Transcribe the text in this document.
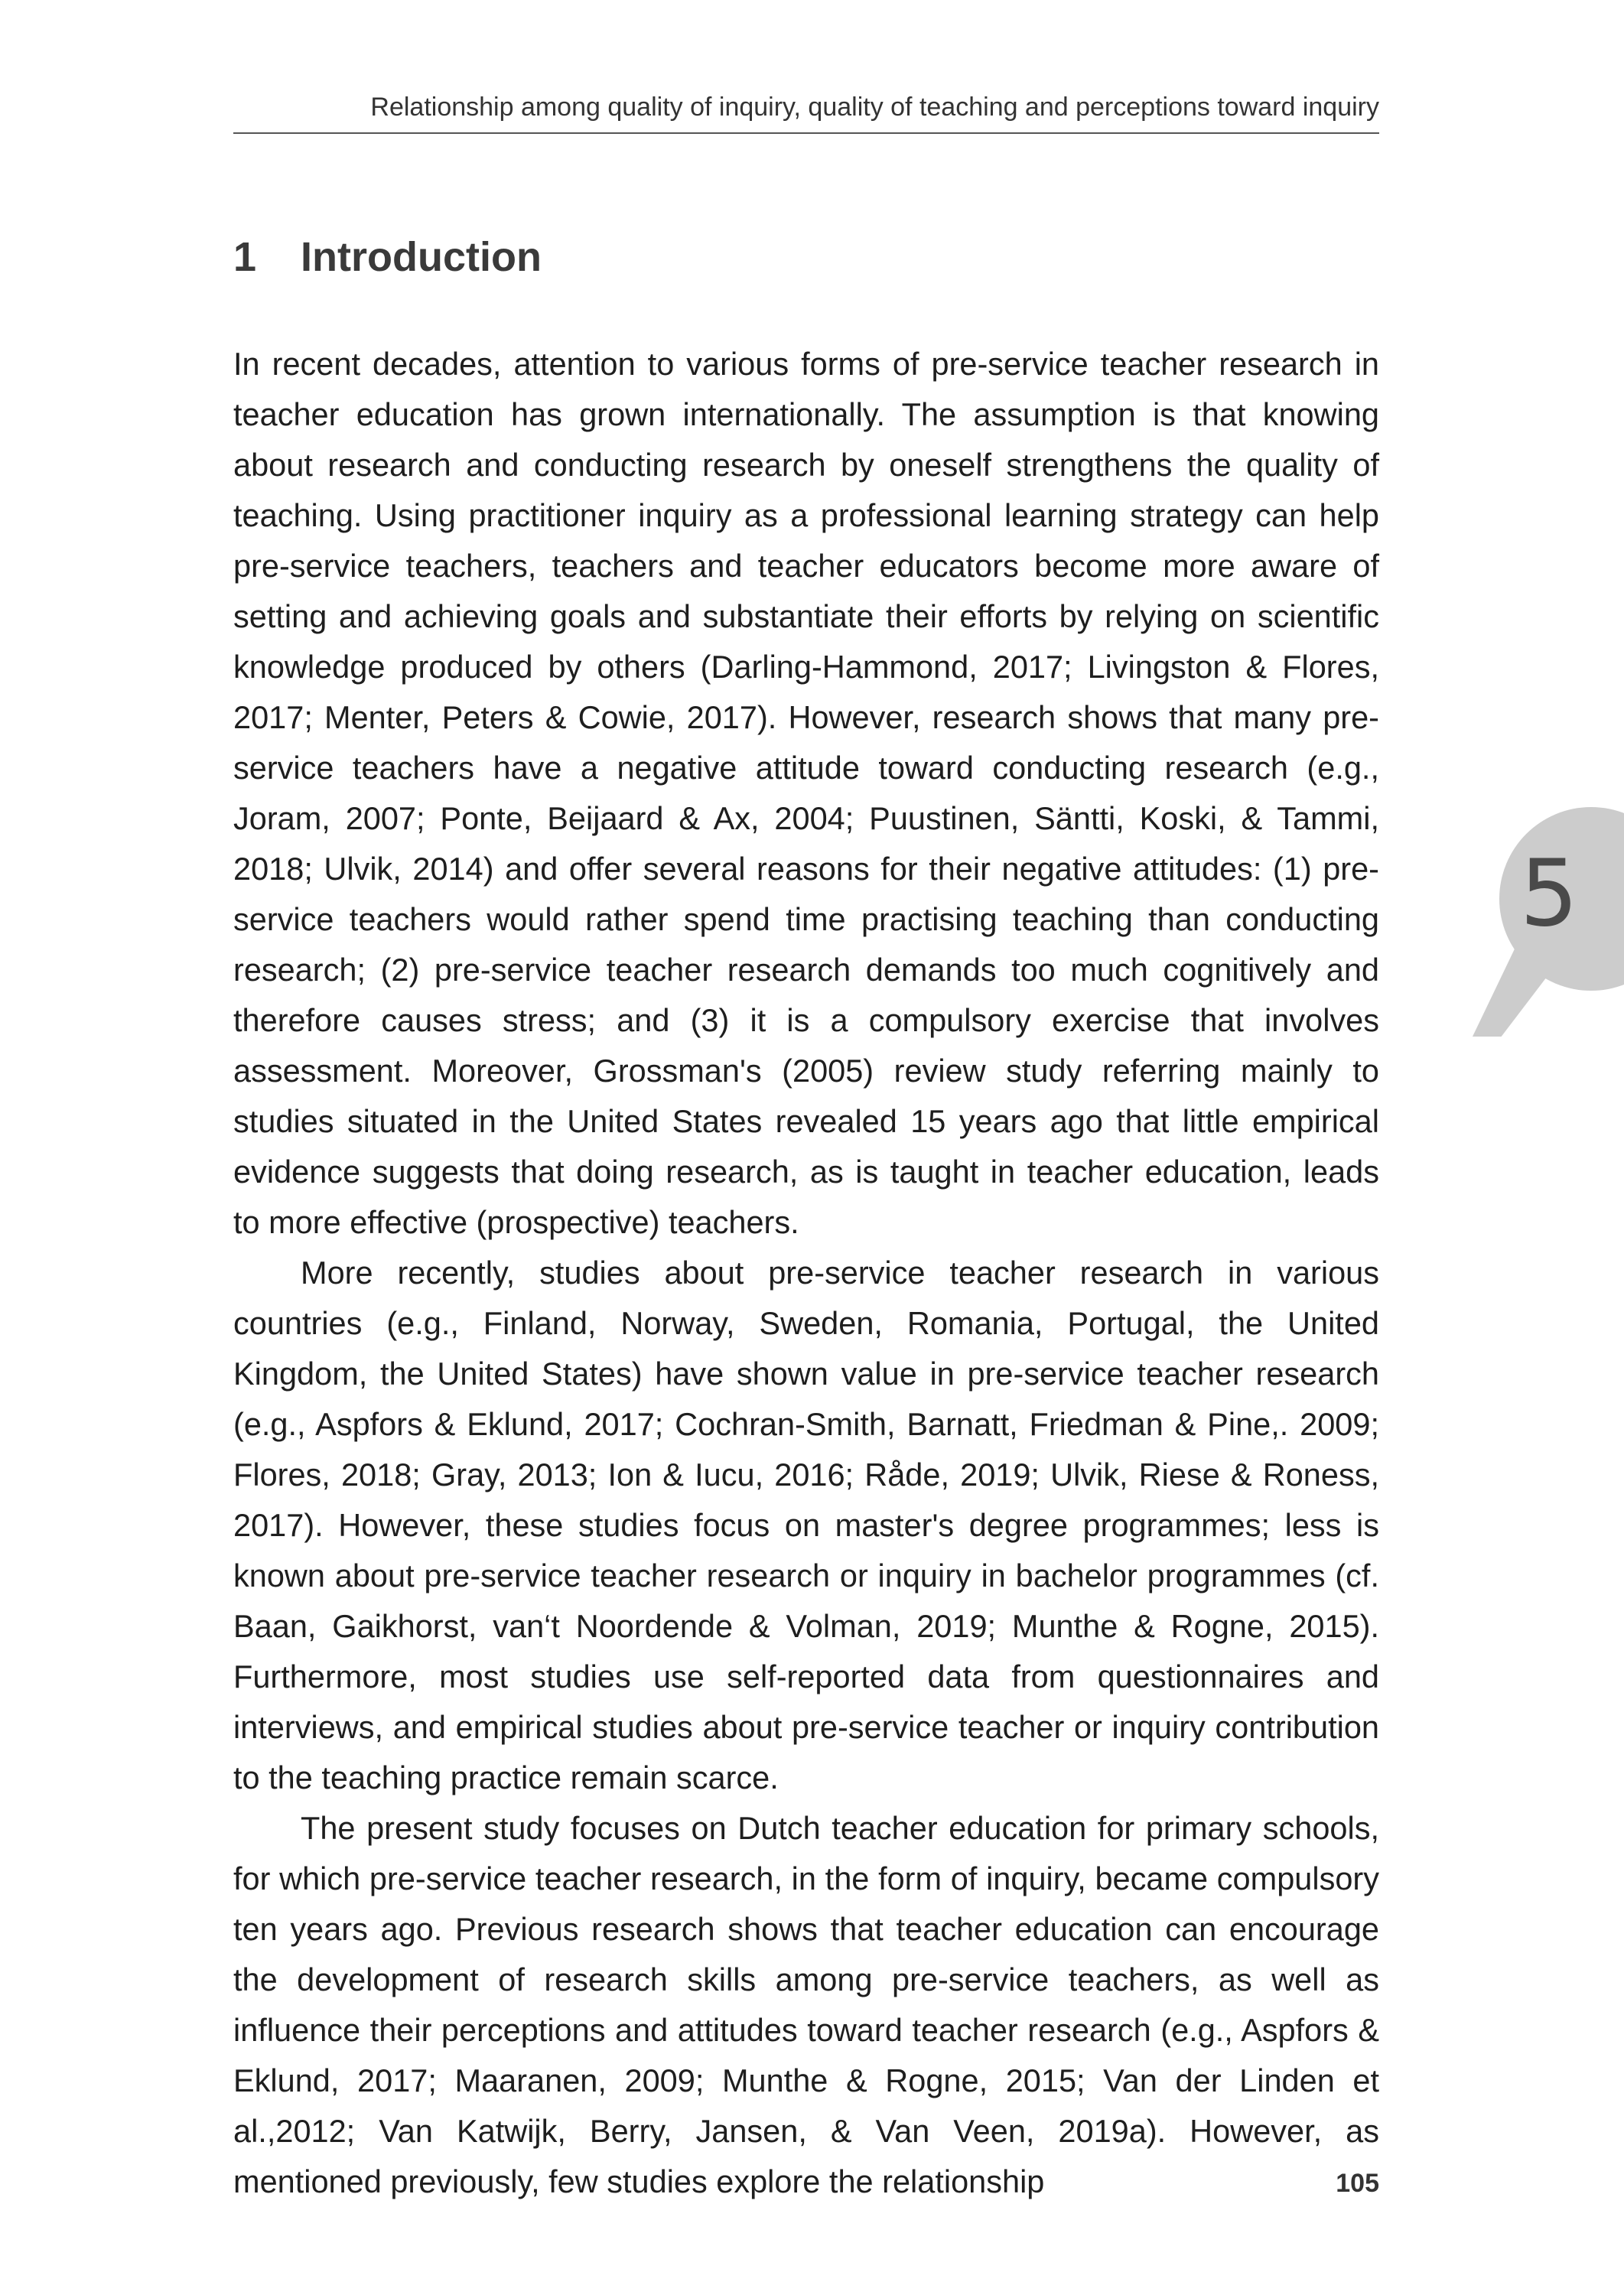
Relationship among quality of inquiry, quality of teaching and perceptions toward inquiry
1 Introduction

In recent decades, attention to various forms of pre-service teacher research in teacher education has grown internationally. The assumption is that knowing about research and conducting research by oneself strengthens the quality of teaching. Using practitioner inquiry as a professional learning strategy can help pre-service teachers, teachers and teacher educators become more aware of setting and achieving goals and substantiate their efforts by relying on scientific knowledge produced by others (Darling-Hammond, 2017; Livingston & Flores, 2017; Menter, Peters & Cowie, 2017). However, research shows that many pre-service teachers have a negative attitude toward conducting research (e.g., Joram, 2007; Ponte, Beijaard & Ax, 2004; Puustinen, Säntti, Koski, & Tammi, 2018; Ulvik, 2014) and offer several reasons for their negative attitudes: (1) pre-service teachers would rather spend time practising teaching than conducting research; (2) pre-service teacher research demands too much cognitively and therefore causes stress; and (3) it is a compulsory exercise that involves assessment. Moreover, Grossman's (2005) review study referring mainly to studies situated in the United States revealed 15 years ago that little empirical evidence suggests that doing research, as is taught in teacher education, leads to more effective (prospective) teachers.

More recently, studies about pre-service teacher research in various countries (e.g., Finland, Norway, Sweden, Romania, Portugal, the United Kingdom, the United States) have shown value in pre-service teacher research (e.g., Aspfors & Eklund, 2017; Cochran-Smith, Barnatt, Friedman & Pine,. 2009; Flores, 2018; Gray, 2013; Ion & Iucu, 2016; Råde, 2019; Ulvik, Riese & Roness, 2017). However, these studies focus on master's degree programmes; less is known about pre-service teacher research or inquiry in bachelor programmes (cf. Baan, Gaikhorst, van‘t Noordende & Volman, 2019; Munthe & Rogne, 2015). Furthermore, most studies use self-reported data from questionnaires and interviews, and empirical studies about pre-service teacher or inquiry contribution to the teaching practice remain scarce.

The present study focuses on Dutch teacher education for primary schools, for which pre-service teacher research, in the form of inquiry, became compulsory ten years ago. Previous research shows that teacher education can encourage the development of research skills among pre-service teachers, as well as influence their perceptions and attitudes toward teacher research (e.g., Aspfors & Eklund, 2017; Maaranen, 2009; Munthe & Rogne, 2015; Van der Linden et al.,2012; Van Katwijk, Berry, Jansen, & Van Veen, 2019a). However, as mentioned previously, few studies explore the relationship

5
105
